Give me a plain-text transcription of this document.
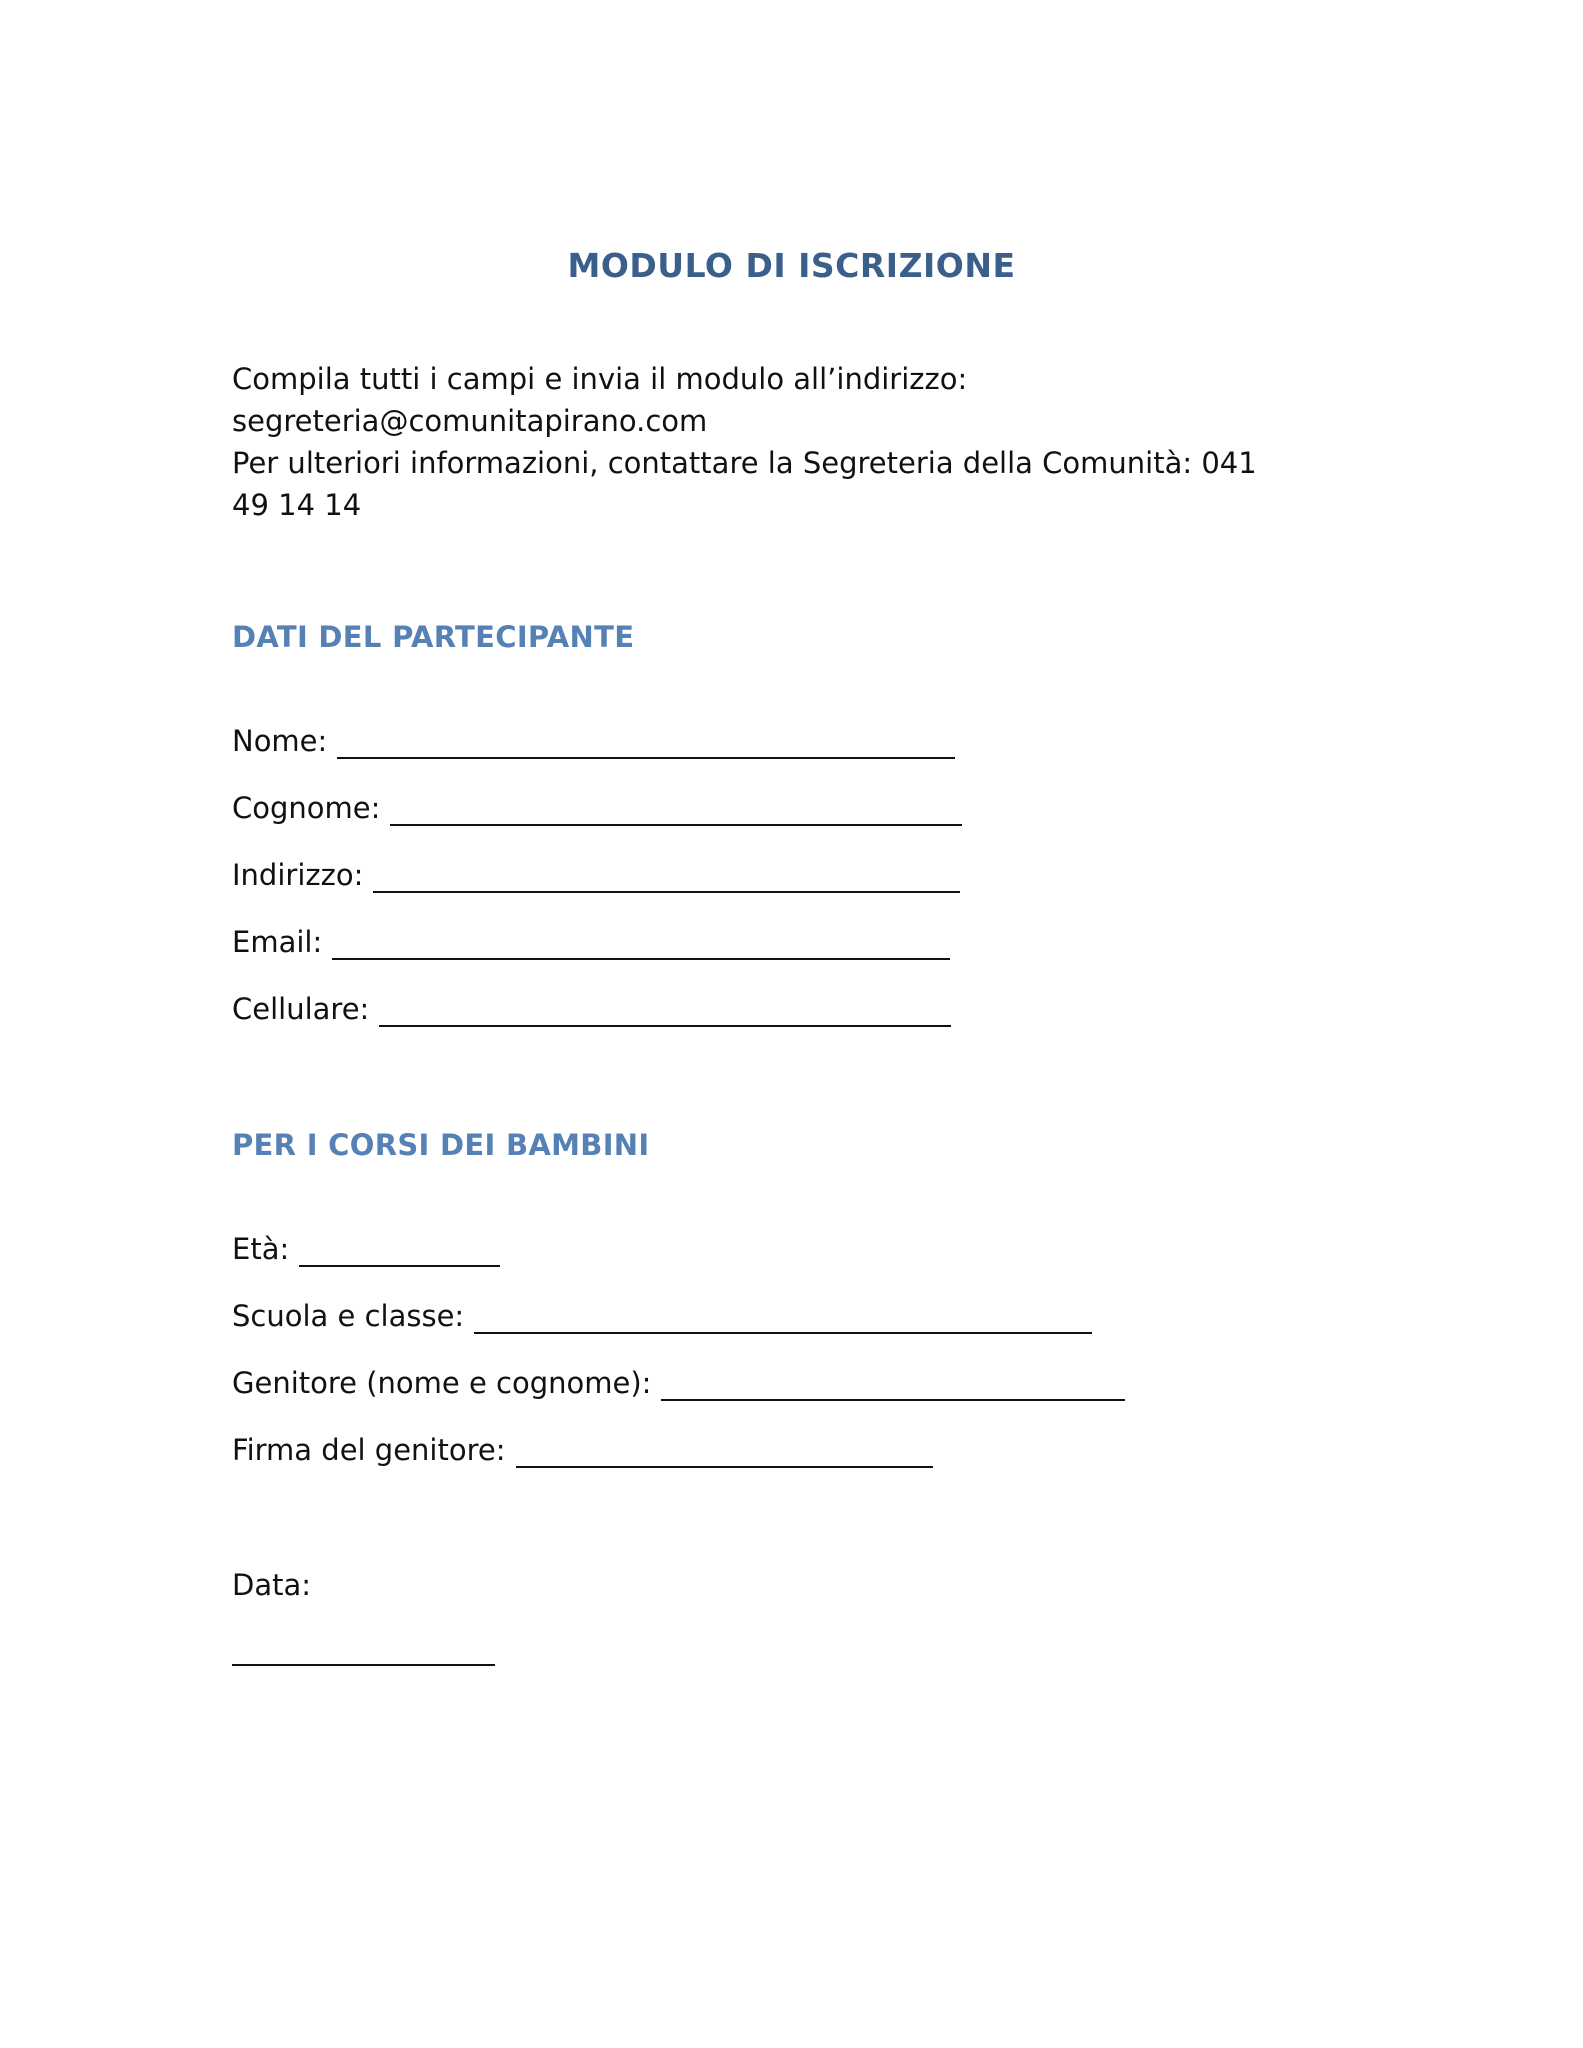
MODULO DI ISCRIZIONE
Compila tutti i campi e invia il modulo all’indirizzo:
segreteria@comunitapirano.com
Per ulteriori informazioni, contattare la Segreteria della Comunità: 041
49 14 14
DATI DEL PARTECIPANTE
Nome:
Cognome:
Indirizzo:
Email:
Cellulare:
PER I CORSI DEI BAMBINI
Età:
Scuola e classe:
Genitore (nome e cognome):
Firma del genitore:
Data:
